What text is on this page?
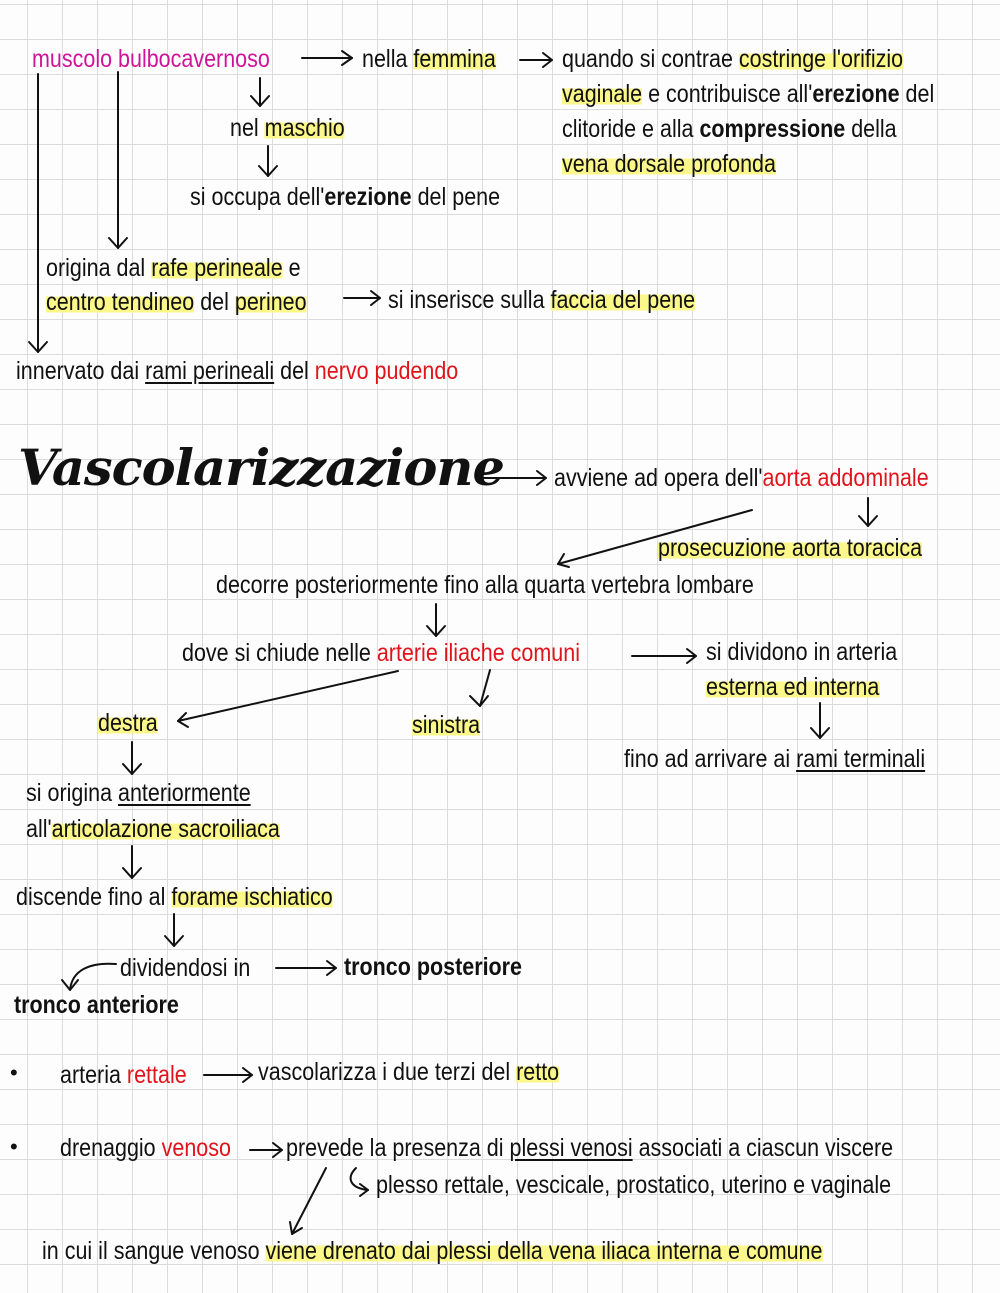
muscolo bulbocavernoso	nella femmina	quando si contrae costringe l'orifizio
vaginale e contribuisce all'erezione del
clitoride e alla compressione della
vena dorsale profonda
nel maschio
si occupa dell'erezione del pene
origina dal rafe perineale e
centro tendineo del perineo	si inserisce sulla faccia del pene
innervato dai rami perineali del nervo pudendo
Vascolarizzazione avviene ad opera dell'aorta addominale
prosecuzione aorta toracica
decorre posteriormente fino alla quarta vertebra lombare
dove si chiude nelle arterie iliache comuni	si dividono in arteria
esterna ed interna
destra	sinistra
fino ad arrivare ai rami terminali
si origina anteriormente
all'articolazione sacroiliaca
discende fino al forame ischiatico
dividendosi in	tronco posteriore
tronco anteriore
• arteria rettale	vascolarizza i due terzi del retto
• drenaggio venoso prevede la presenza di plessi venosi associati a ciascun viscere
plesso rettale, vescicale, prostatico, uterino e vaginale
in cui il sangue venoso viene drenato dai plessi della vena iliaca interna e comune
